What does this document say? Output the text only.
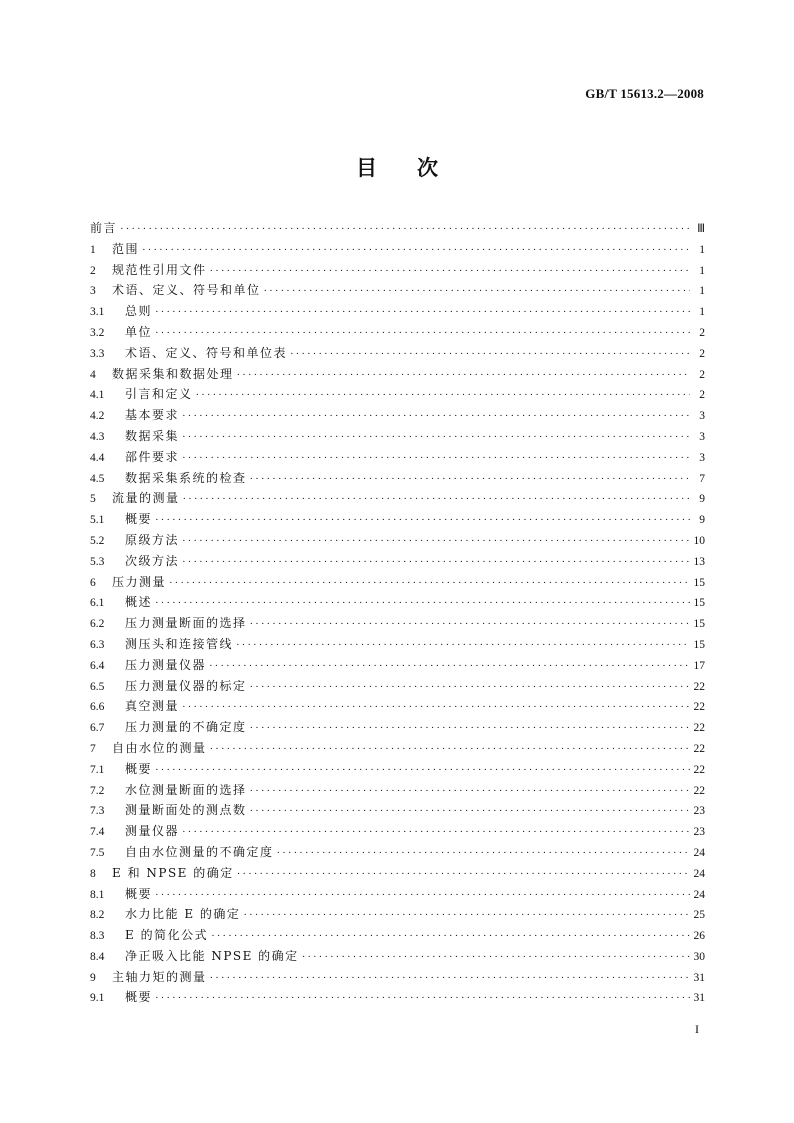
GB/T 15613.2—2008
目次
前言 ·····	Ⅲ
1	范围 ·····	1
2	规范性引用文件 ·····	1
3	术语、定义、符号和单位 ·····	1
3.1	总则 ·····	1
3.2	单位 ·····	2
3.3	术语、定义、符号和单位表 ·····	2
4	数据采集和数据处理 ·····	2
4.1	引言和定义 ·····	2
4.2	基本要求 ·····	3
4.3	数据采集 ·····	3
4.4	部件要求 ·····	3
4.5	数据采集系统的检查 ·····	7
5	流量的测量 ·····	9
5.1	概要 ·····	9
5.2	原级方法 ·····	10
5.3	次级方法 ·····	13
6	压力测量 ·····	15
6.1	概述 ·····	15
6.2	压力测量断面的选择 ·····	15
6.3	测压头和连接管线 ·····	15
6.4	压力测量仪器 ·····	17
6.5	压力测量仪器的标定 ·····	22
6.6	真空测量 ·····	22
6.7	压力测量的不确定度 ·····	22
7	自由水位的测量 ·····	22
7.1	概要 ·····	22
7.2	水位测量断面的选择 ·····	22
7.3	测量断面处的测点数 ·····	23
7.4	测量仪器 ·····	23
7.5	自由水位测量的不确定度 ·····	24
8	E 和 NPSE 的确定 ·····	24
8.1	概要 ·····	24
8.2	水力比能 E 的确定 ·····	25
8.3	E 的简化公式 ·····	26
8.4	净正吸入比能 NPSE 的确定 ·····	30
9	主轴力矩的测量 ·····	31
9.1	概要 ·····	31
I
